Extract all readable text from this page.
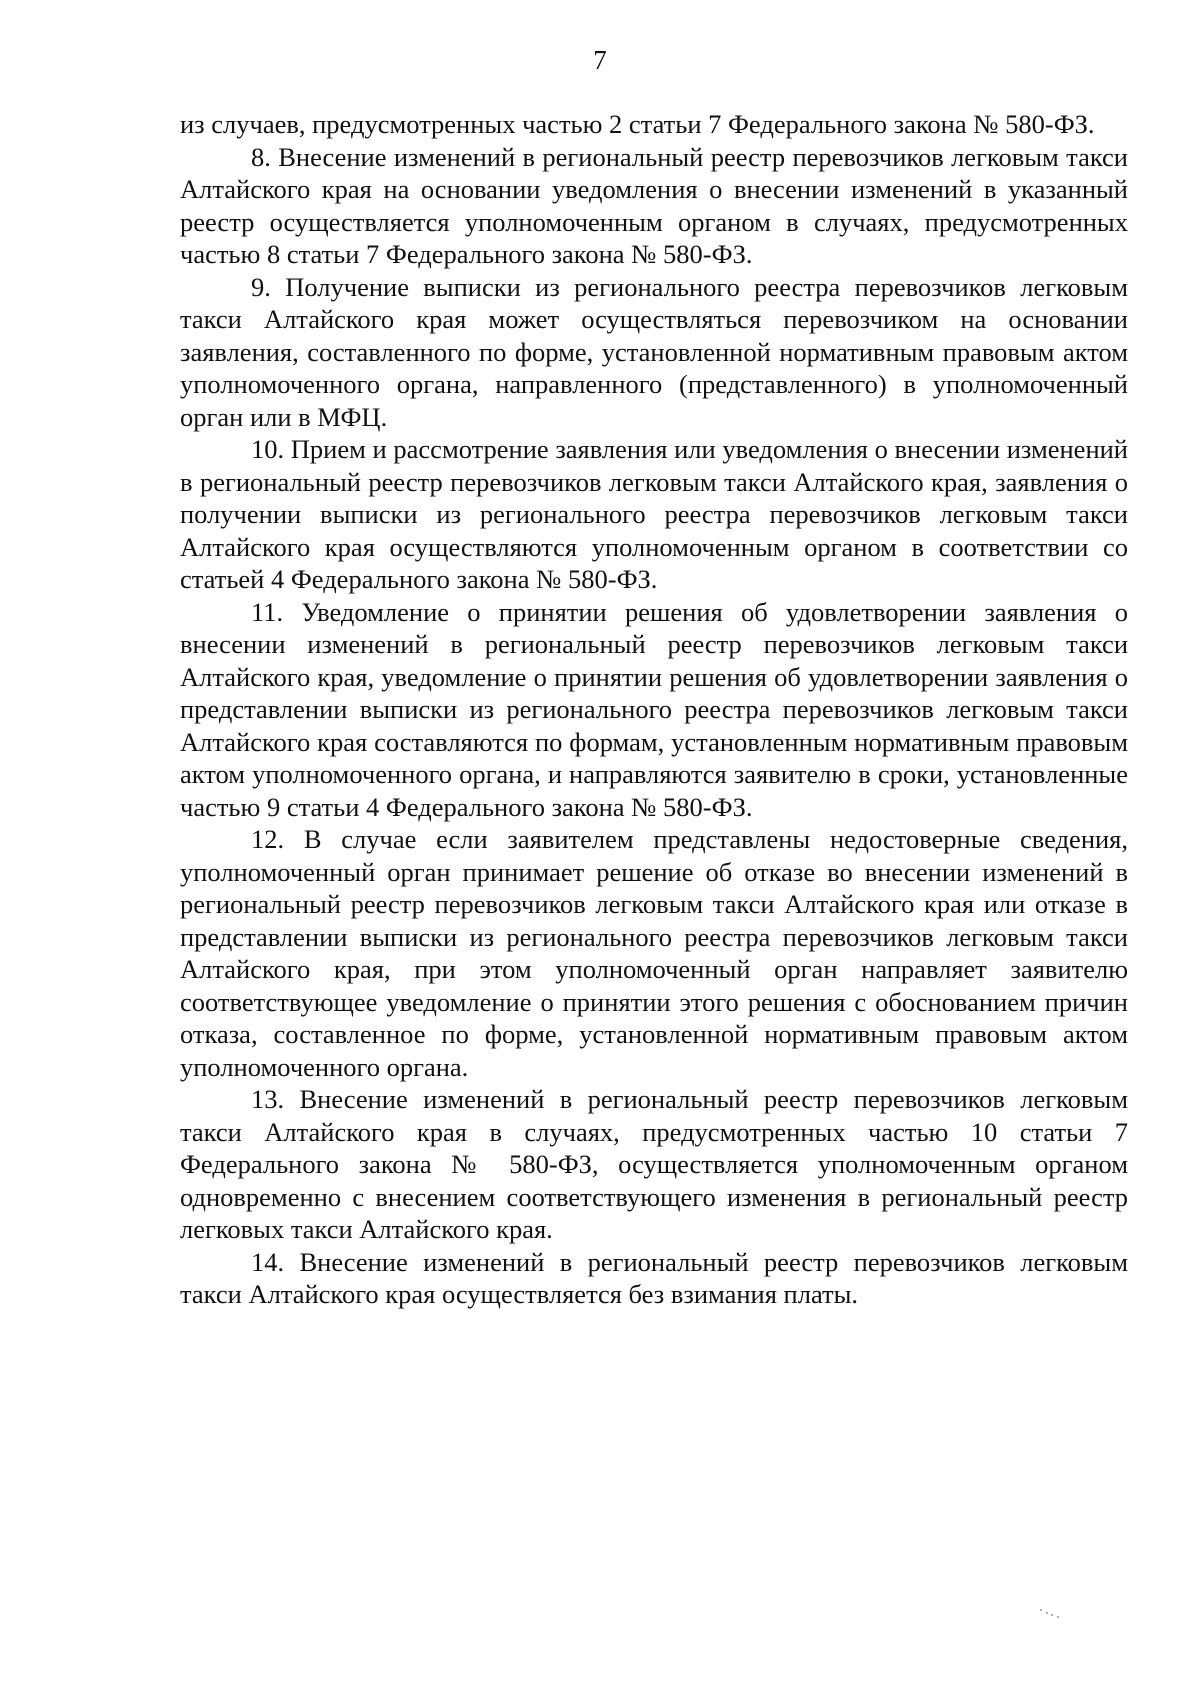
7

из случаев, предусмотренных частью 2 статьи 7 Федерального закона № 580-ФЗ.

8. Внесение изменений в региональный реестр перевозчиков легковым такси Алтайского края на основании уведомления о внесении изменений в указанный реестр осуществляется уполномоченным органом в случаях, предусмотренных частью 8 статьи 7 Федерального закона № 580-ФЗ.

9. Получение выписки из регионального реестра перевозчиков легковым такси Алтайского края может осуществляться перевозчиком на основании заявления, составленного по форме, установленной нормативным правовым актом уполномоченного органа, направленного (представленного) в уполномоченный орган или в МФЦ.

10. Прием и рассмотрение заявления или уведомления о внесении изменений в региональный реестр перевозчиков легковым такси Алтайского края, заявления о получении выписки из регионального реестра перевозчиков легковым такси Алтайского края осуществляются уполномоченным органом в соответствии со статьей 4 Федерального закона № 580-ФЗ.

11. Уведомление о принятии решения об удовлетворении заявления о внесении изменений в региональный реестр перевозчиков легковым такси Алтайского края, уведомление о принятии решения об удовлетворении заявления о представлении выписки из регионального реестра перевозчиков легковым такси Алтайского края составляются по формам, установленным нормативным правовым актом уполномоченного органа, и направляются заявителю в сроки, установленные частью 9 статьи 4 Федерального закона № 580-ФЗ.

12. В случае если заявителем представлены недостоверные сведения, уполномоченный орган принимает решение об отказе во внесении изменений в региональный реестр перевозчиков легковым такси Алтайского края или отказе в представлении выписки из регионального реестра перевозчиков легковым такси Алтайского края, при этом уполномоченный орган направляет заявителю соответствующее уведомление о принятии этого решения с обоснованием причин отказа, составленное по форме, установленной нормативным правовым актом уполномоченного органа.

13. Внесение изменений в региональный реестр перевозчиков легковым такси Алтайского края в случаях, предусмотренных частью 10 статьи 7 Федерального закона № 580-ФЗ, осуществляется уполномоченным органом одновременно с внесением соответствующего изменения в региональный реестр легковых такси Алтайского края.

14. Внесение изменений в региональный реестр перевозчиков легковым такси Алтайского края осуществляется без взимания платы.
